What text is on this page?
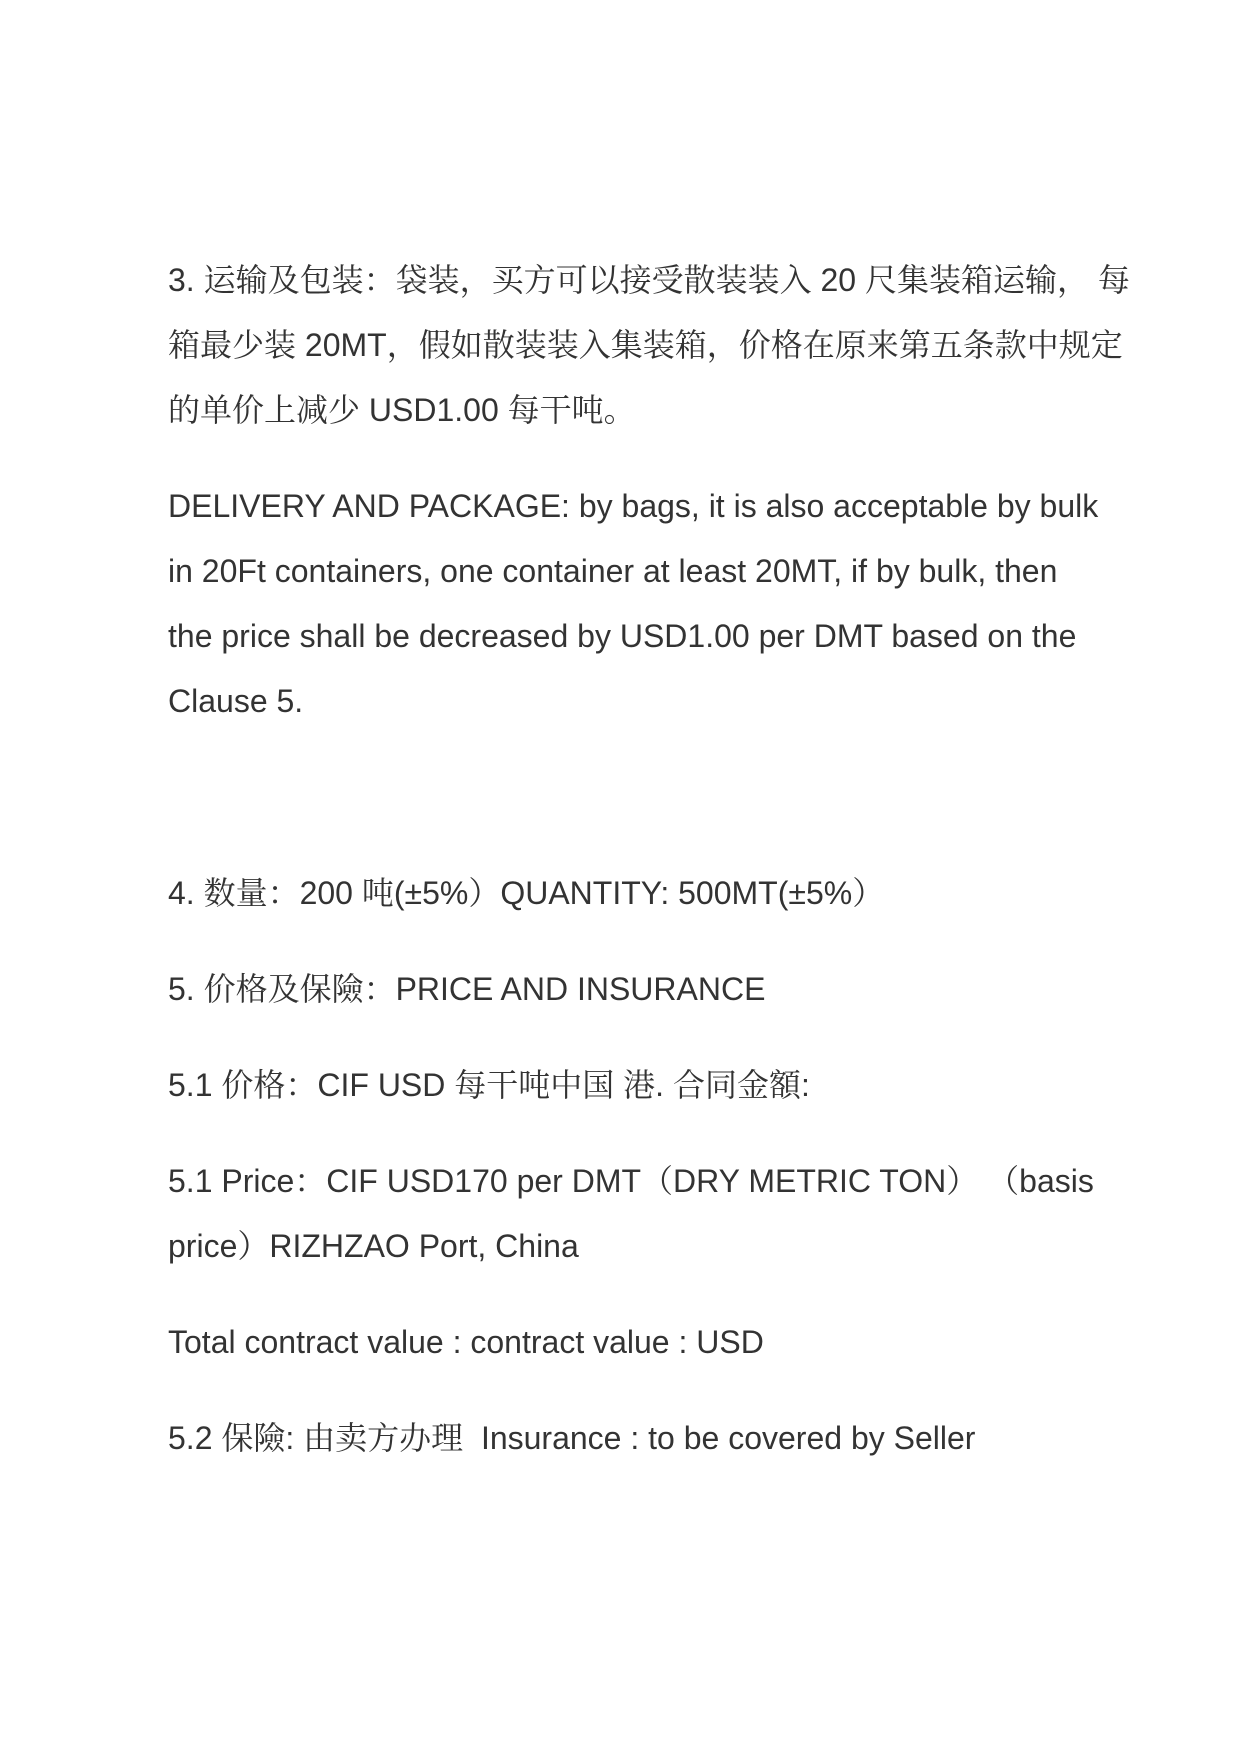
3. 运输及包装：袋装，买方可以接受散装装入 20 尺集装箱运输， 每
箱最少装 20MT，假如散装装入集装箱，价格在原来第五条款中规定
的单价上减少 USD1.00 每干吨。

DELIVERY AND PACKAGE: by bags, it is also acceptable by bulk
in 20Ft containers, one container at least 20MT, if by bulk, then
the price shall be decreased by USD1.00 per DMT based on the
Clause 5.

4. 数量：200 吨(±5%）QUANTITY: 500MT(±5%）

5. 价格及保險：PRICE AND INSURANCE

5.1 价格：CIF USD 每干吨中国 港. 合同金額:

5.1 Price：CIF USD170 per DMT（DRY METRIC TON） （basis
price）RIZHZAO Port, China

Total contract value : contract value : USD

5.2 保險: 由卖方办理  Insurance : to be covered by Seller
